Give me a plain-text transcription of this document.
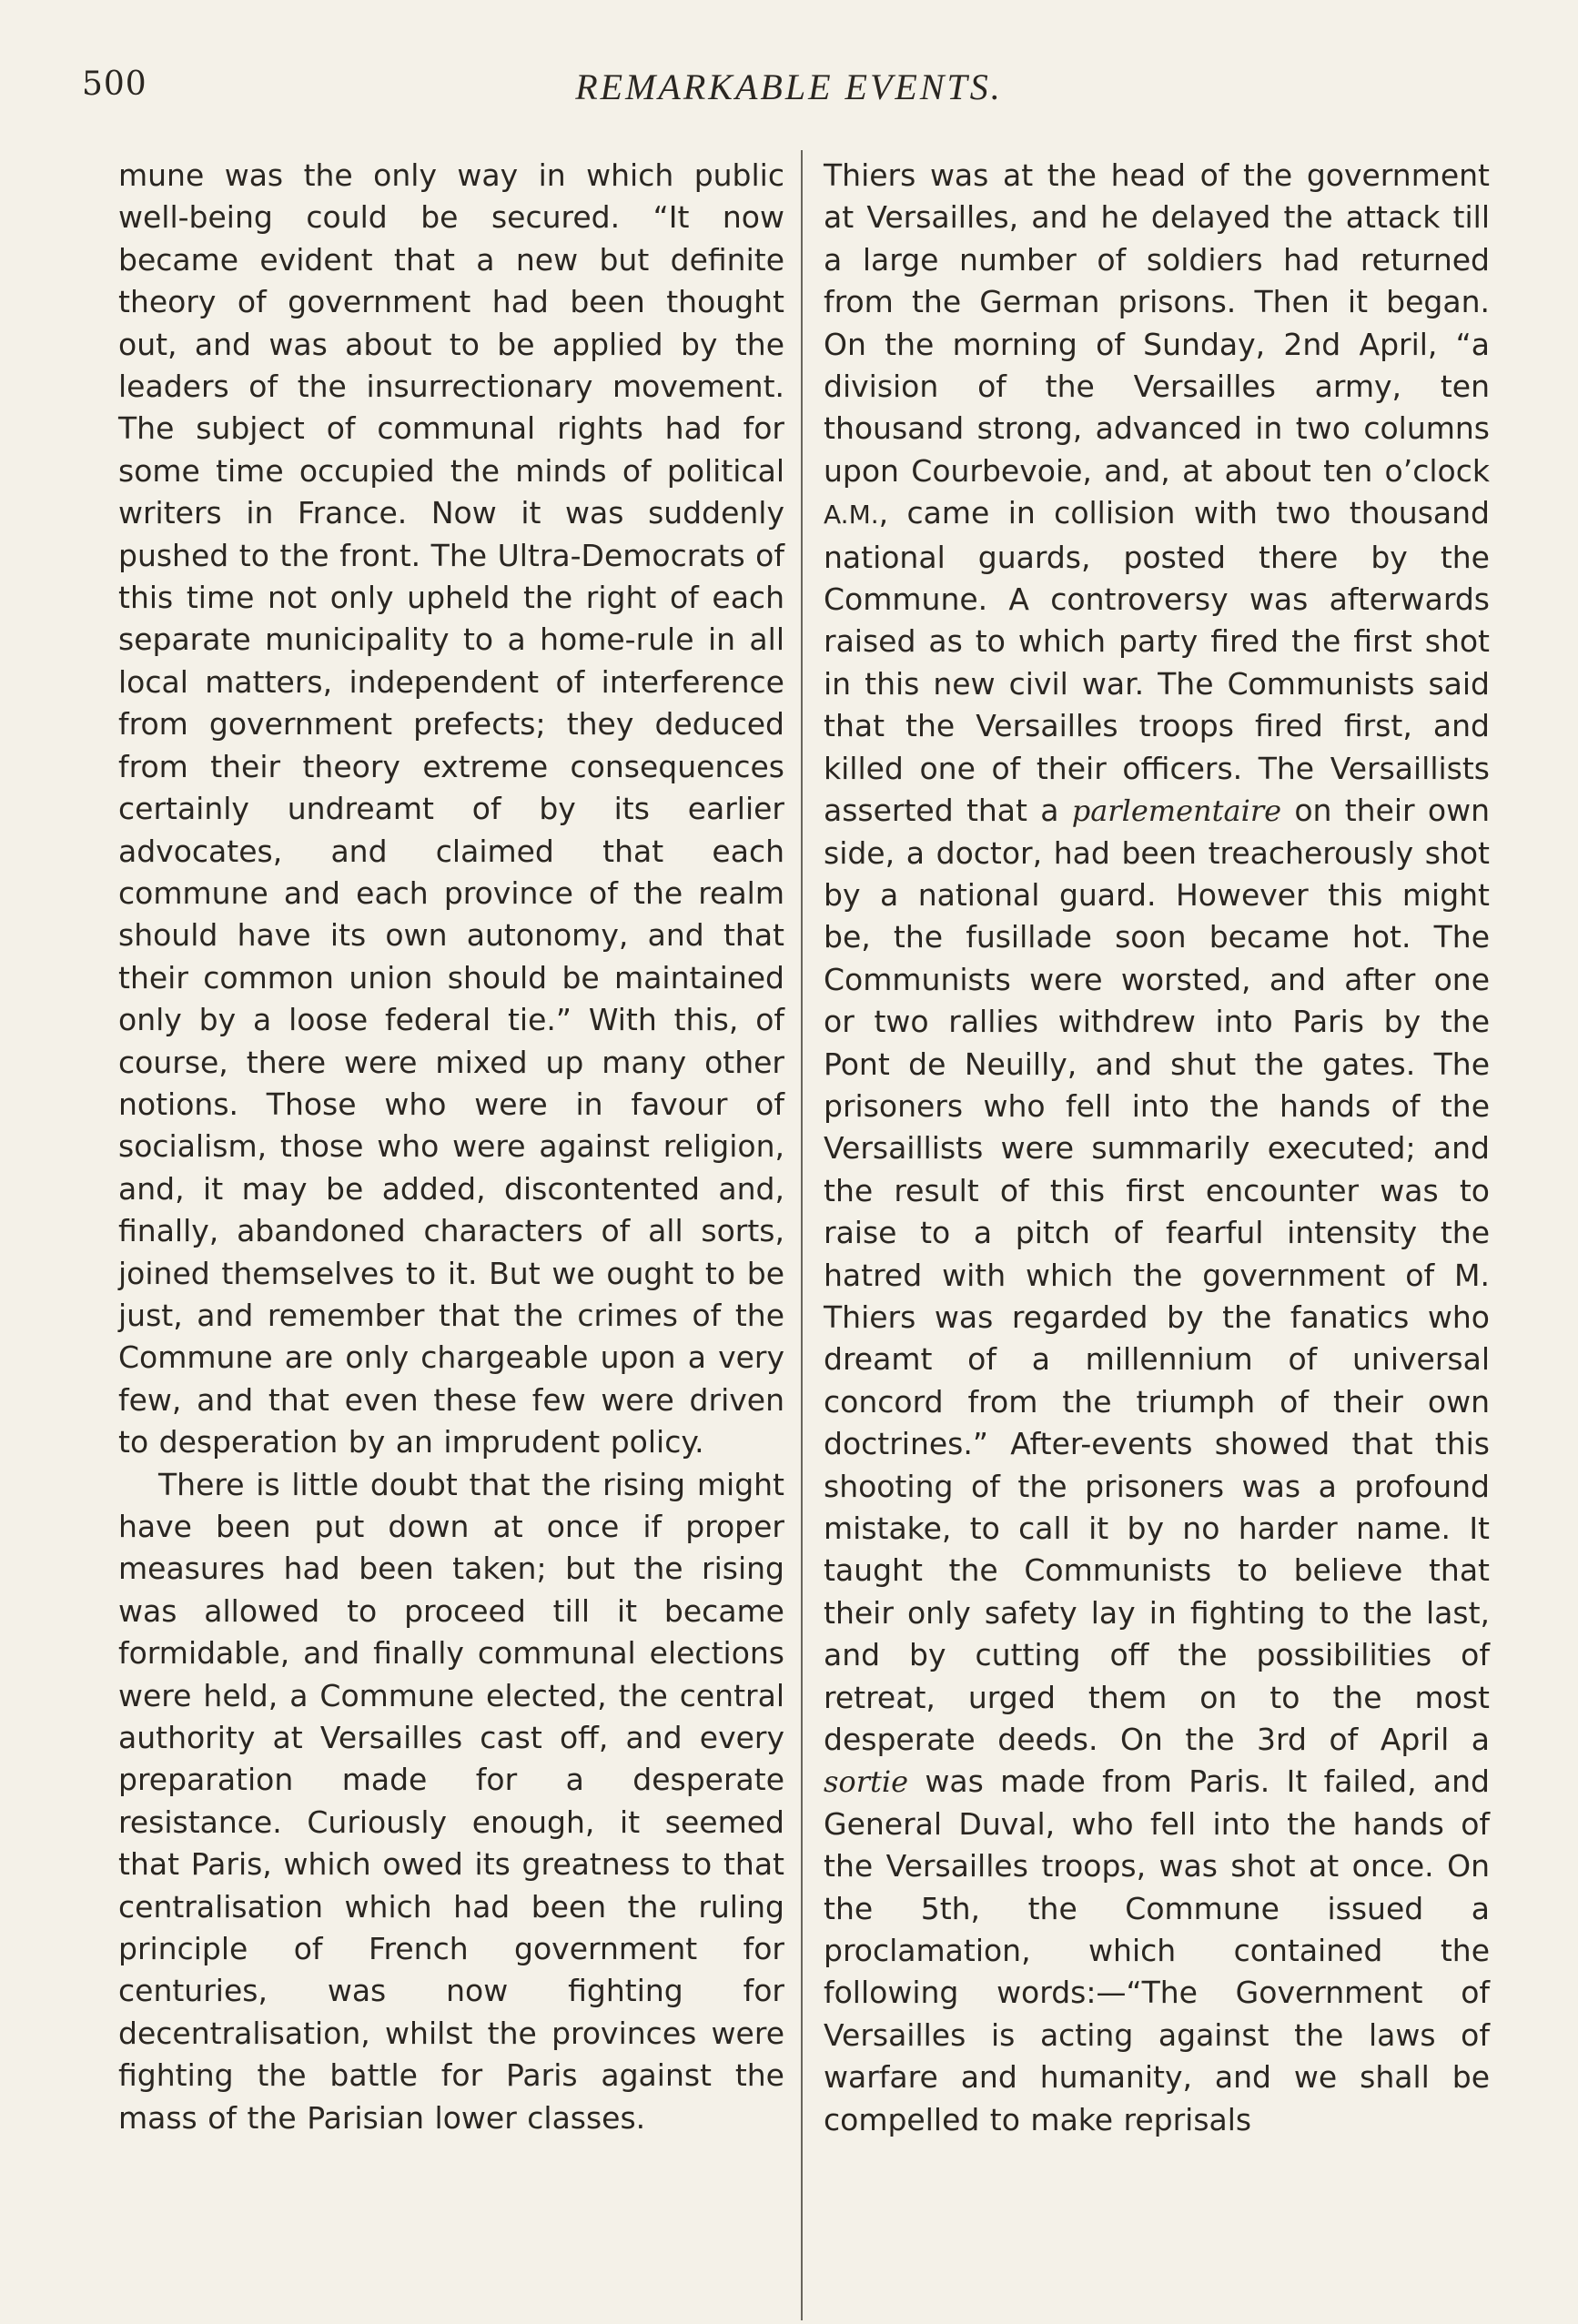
500	REMARKABLE EVENTS.

mune was the only way in which public well-being could be secured. “It now became evident that a new but definite theory of government had been thought out, and was about to be applied by the leaders of the insurrectionary movement. The subject of communal rights had for some time occupied the minds of political writers in France. Now it was suddenly pushed to the front. The Ultra-Democrats of this time not only upheld the right of each separate municipality to a home-rule in all local matters, independent of interference from government prefects; they deduced from their theory extreme consequences certainly undreamt of by its earlier advocates, and claimed that each commune and each province of the realm should have its own autonomy, and that their common union should be maintained only by a loose federal tie.” With this, of course, there were mixed up many other notions. Those who were in favour of socialism, those who were against religion, and, it may be added, discontented and, finally, abandoned characters of all sorts, joined themselves to it. But we ought to be just, and remember that the crimes of the Commune are only chargeable upon a very few, and that even these few were driven to desperation by an imprudent policy.

There is little doubt that the rising might have been put down at once if proper measures had been taken; but the rising was allowed to proceed till it became formidable, and finally communal elections were held, a Commune elected, the central authority at Versailles cast off, and every preparation made for a desperate resistance. Curiously enough, it seemed that Paris, which owed its greatness to that centralisation which had been the ruling principle of French government for centuries, was now fighting for decentralisation, whilst the provinces were fighting the battle for Paris against the mass of the Parisian lower classes.

Thiers was at the head of the government at Versailles, and he delayed the attack till a large number of soldiers had returned from the German prisons. Then it began. On the morning of Sunday, 2nd April, “a division of the Versailles army, ten thousand strong, advanced in two columns upon Courbevoie, and, at about ten o’clock A.M., came in collision with two thousand national guards, posted there by the Commune. A controversy was afterwards raised as to which party fired the first shot in this new civil war. The Communists said that the Versailles troops fired first, and killed one of their officers. The Versaillists asserted that a parlementaire on their own side, a doctor, had been treacherously shot by a national guard. However this might be, the fusillade soon became hot. The Communists were worsted, and after one or two rallies withdrew into Paris by the Pont de Neuilly, and shut the gates. The prisoners who fell into the hands of the Versaillists were summarily executed; and the result of this first encounter was to raise to a pitch of fearful intensity the hatred with which the government of M. Thiers was regarded by the fanatics who dreamt of a millennium of universal concord from the triumph of their own doctrines.” After-events showed that this shooting of the prisoners was a profound mistake, to call it by no harder name. It taught the Communists to believe that their only safety lay in fighting to the last, and by cutting off the possibilities of retreat, urged them on to the most desperate deeds. On the 3rd of April a sortie was made from Paris. It failed, and General Duval, who fell into the hands of the Versailles troops, was shot at once. On the 5th, the Commune issued a proclamation, which contained the following words:—“The Government of Versailles is acting against the laws of warfare and humanity, and we shall be compelled to make reprisals
